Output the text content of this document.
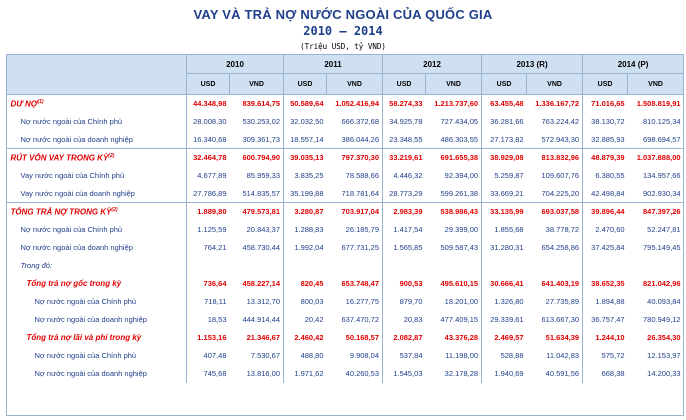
VAY VÀ TRẢ NỢ NƯỚC NGOÀI CỦA QUỐC GIA
2010 – 2014
(Triệu USD, tỷ VND)
	2010		2011		2012		2013 (R)		2014 (P)	
	USD	VND	USD	VND	USD	VND	USD	VND	USD	VND
DƯ NỢ$^{(1)}$	44.348,98	839.614,75	50.589,64	1.052.416,94	58.274,33	1.213.737,60	63.455,48	1.336.167,72	71.016,65	1.508.819,91
Nợ nước ngoài của Chính phủ	28.008,30	530.253,02	32.032,50	666.372,68	34.925,78	727.434,05	36.281,66	763.224,42	38.130,72	810.125,34
Nợ nước ngoài của doanh nghiệp	16.340,68	309.361,73	18.557,14	386.044,26	23.348,55	486.303,55	27.173,82	572.943,30	32.885,93	698.694,57
RÚT VỐN VAY TRONG KỲ$^{(2)}$	32.464,78	600.794,90	39.035,13	797.370,30	33.219,61	691.655,38	38.929,08	813.832,96	48.879,39	1.037.888,00
Vay nước ngoài của Chính phủ	4.677,89	85.959,33	3.835,25	78.588,66	4.446,32	92.394,00	5.259,87	109.607,76	6.380,55	134.957,66
Vay nước ngoài của doanh nghiệp	27.786,89	514.835,57	35.199,88	718.781,64	28.773,29	599.261,38	33.669,21	704.225,20	42.498,84	902.930,34
TỔNG TRẢ NỢ TRONG KỲ$^{(2)}$	1.889,80	479.573,81	3.280,87	703.917,04	2.983,39	538.986,43	33.135,99	693.037,58	39.896,44	847.397,26
Nợ nước ngoài của Chính phủ	1.125,59	20.843,37	1.288,83	26.185,79	1.417,54	29.399,00	1.855,68	38.778,72	2.470,60	52.247,81
Nợ nước ngoài của doanh nghiệp	764,21	458.730,44	1.992,04	677.731,25	1.565,85	509.587,43	31.280,31	654.258,86	37.425,84	795.149,45
Trong đó:										
Tổng trả nợ gốc trong kỳ	736,64	458.227,14	820,45	653.748,47	900,53	495.610,15	30.666,41	641.403,19	38.652,35	821.042,96
Nợ nước ngoài của Chính phủ	718,11	13.312,70	800,03	16.277,75	879,70	18.201,00	1.326,80	27.735,89	1.894,88	40.093,84
Nợ nước ngoài của doanh nghiệp	18,53	444.914,44	20,42	637.470,72	20,83	477.409,15	29.339,61	613.667,30	36.757,47	780.949,12
Tổng trả nợ lãi và phí trong kỳ	1.153,16	21.346,67	2.460,42	50.168,57	2.082,87	43.376,28	2.469,57	51.634,39	1.244,10	26.354,30
Nợ nước ngoài của Chính phủ	407,48	7.530,67	488,80	9.908,04	537,84	11.198,00	528,88	11.042,83	575,72	12.153,97
Nợ nước ngoài của doanh nghiệp	745,68	13.816,00	1.971,62	40.260,53	1.545,03	32.178,28	1.940,69	40.591,56	668,38	14.200,33
